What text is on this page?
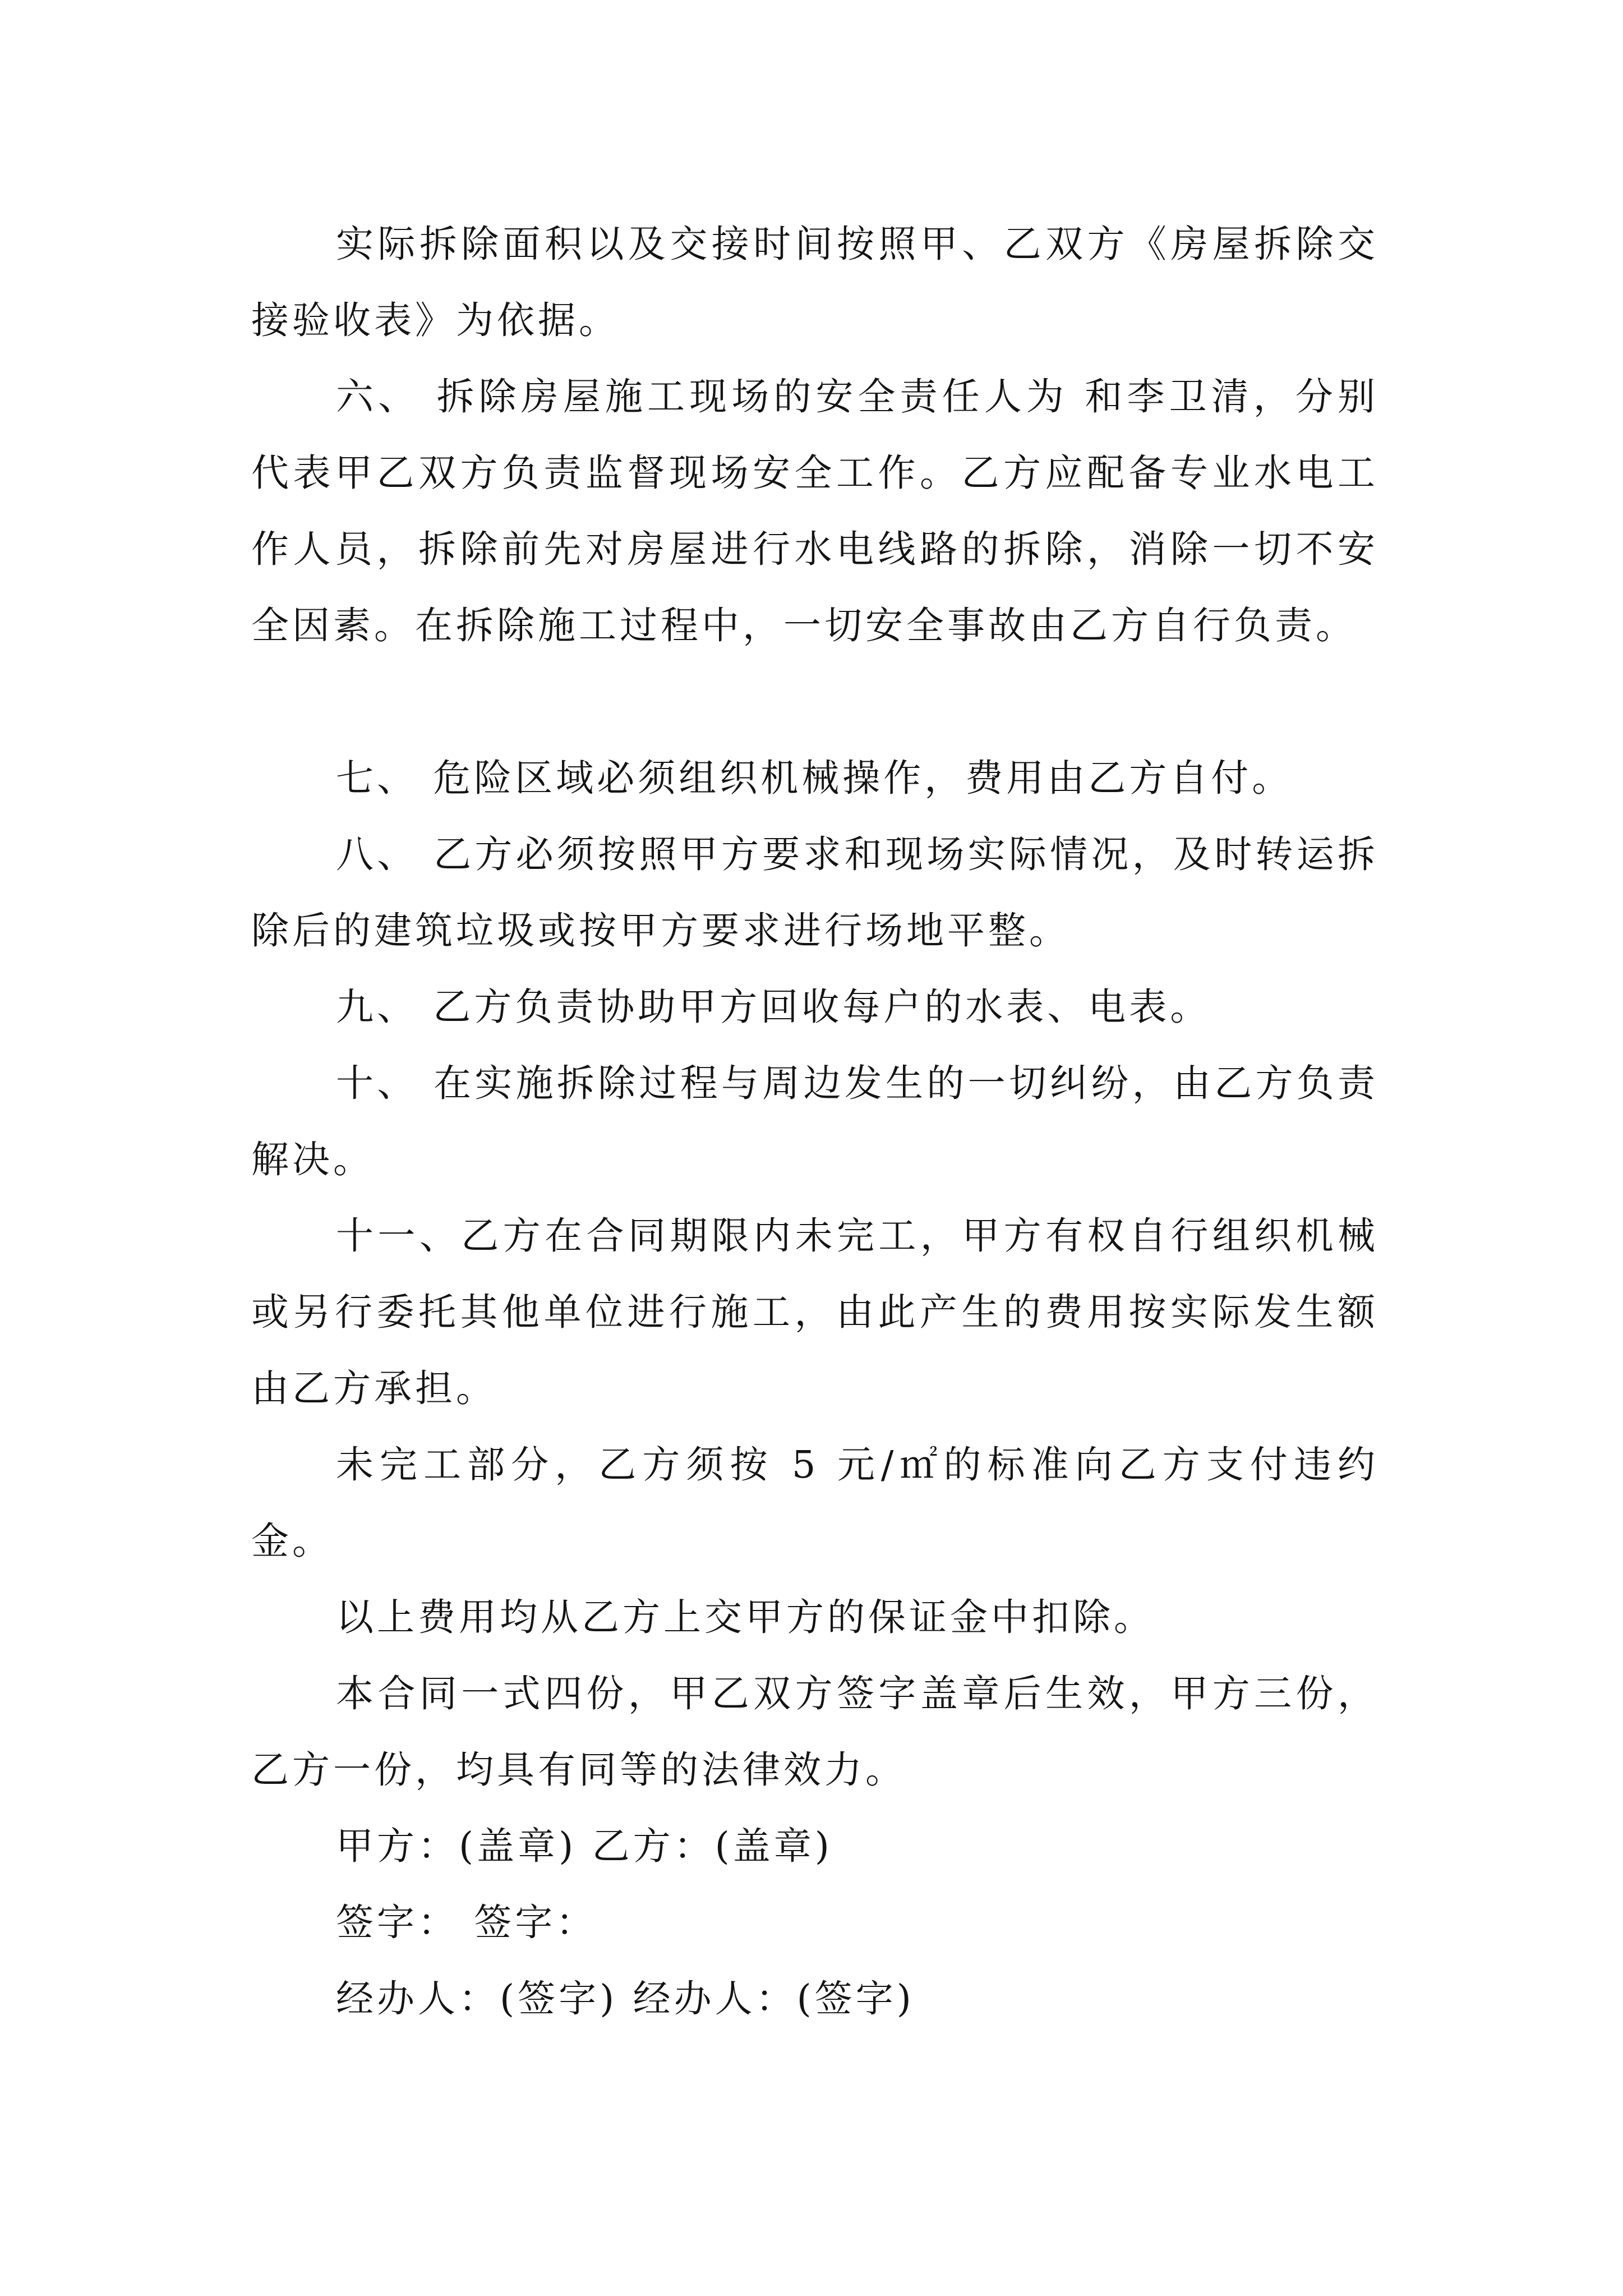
实际拆除面积以及交接时间按照甲、乙双方《房屋拆除交接验收表》为依据。

六、 拆除房屋施工现场的安全责任人为 和李卫清，分别代表甲乙双方负责监督现场安全工作。乙方应配备专业水电工作人员，拆除前先对房屋进行水电线路的拆除，消除一切不安全因素。在拆除施工过程中，一切安全事故由乙方自行负责。

七、 危险区域必须组织机械操作，费用由乙方自付。

八、 乙方必须按照甲方要求和现场实际情况，及时转运拆除后的建筑垃圾或按甲方要求进行场地平整。

九、 乙方负责协助甲方回收每户的水表、电表。

十、 在实施拆除过程与周边发生的一切纠纷，由乙方负责解决。

十一、乙方在合同期限内未完工，甲方有权自行组织机械或另行委托其他单位进行施工，由此产生的费用按实际发生额由乙方承担。

未完工部分，乙方须按 5 元/㎡的标准向乙方支付违约金。

以上费用均从乙方上交甲方的保证金中扣除。

本合同一式四份，甲乙双方签字盖章后生效，甲方三份，乙方一份，均具有同等的法律效力。

甲方：(盖章) 乙方：(盖章)

签字： 签字：

经办人：(签字) 经办人：(签字)
